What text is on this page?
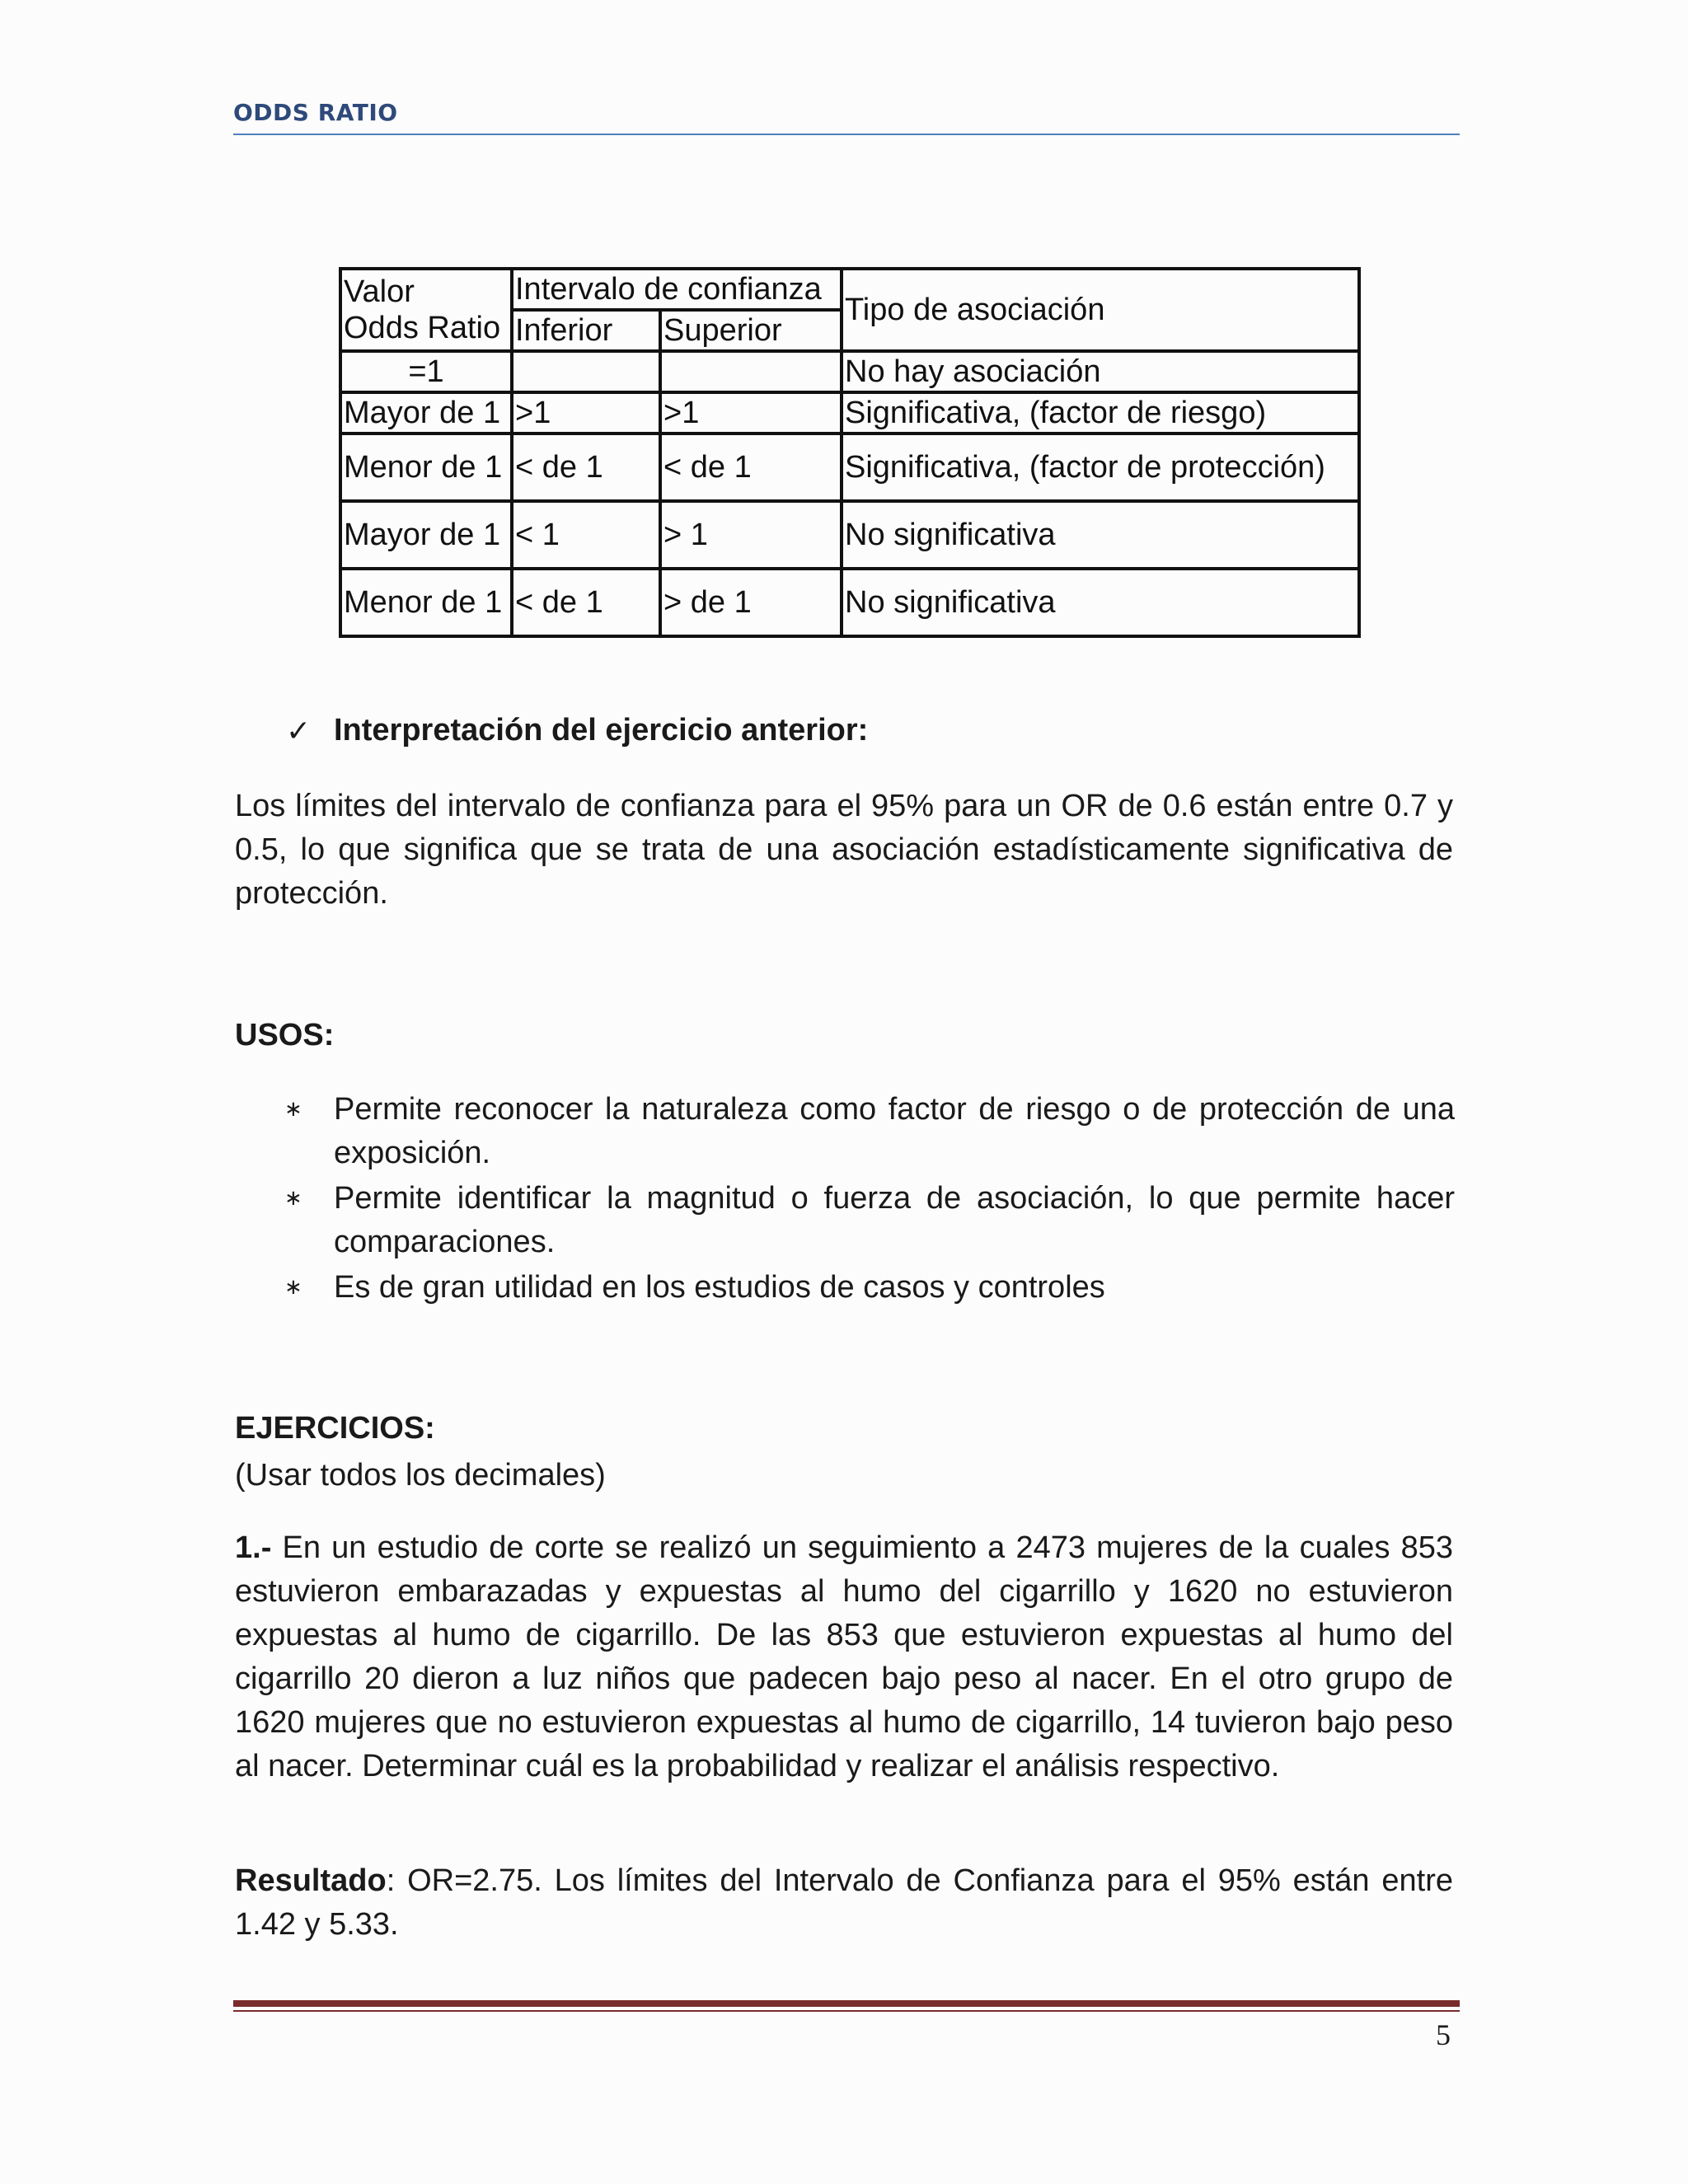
ODDS RATIO
Valor
Odds Ratio	Intervalo de confianza		Tipo de asociación
	Inferior	Superior	
=1			No hay asociación
Mayor de 1	>1	>1	Significativa, (factor de riesgo)
Menor de 1	< de 1	< de 1	Significativa, (factor de protección)
Mayor de 1	< 1	> 1	No significativa
Menor de 1	< de 1	> de 1	No significativa
✓ Interpretación del ejercicio anterior:

Los límites del intervalo de confianza para el 95% para un OR de 0.6 están entre 0.7 y 0.5, lo que significa que se trata de una asociación estadísticamente significativa de protección.

USOS:
∗ Permite reconocer la naturaleza como factor de riesgo o de protección de una exposición.
∗ Permite identificar la magnitud o fuerza de asociación, lo que permite hacer comparaciones.
∗ Es de gran utilidad en los estudios de casos y controles
EJERCICIOS:
(Usar todos los decimales)

1.- En un estudio de corte se realizó un seguimiento a 2473 mujeres de la cuales 853 estuvieron embarazadas y expuestas al humo del cigarrillo y 1620 no estuvieron expuestas al humo de cigarrillo. De las 853 que estuvieron expuestas al humo del cigarrillo 20 dieron a luz niños que padecen bajo peso al nacer. En el otro grupo de 1620 mujeres que no estuvieron expuestas al humo de cigarrillo, 14 tuvieron bajo peso al nacer. Determinar cuál es la probabilidad y realizar el análisis respectivo.

Resultado: OR=2.75. Los límites del Intervalo de Confianza para el 95% están entre 1.42 y 5.33.

5
